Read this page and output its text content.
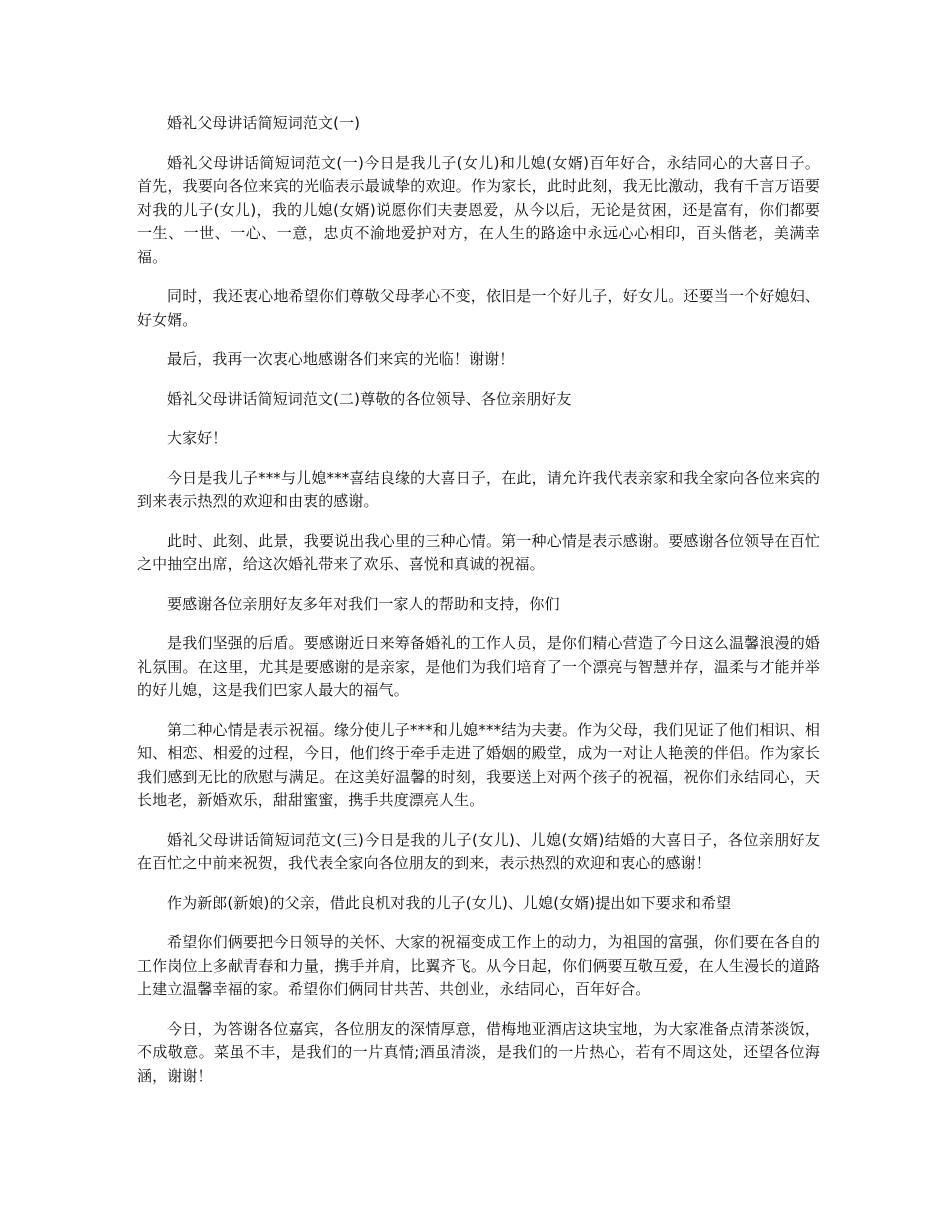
婚礼父母讲话简短词范文(一)

婚礼父母讲话简短词范文(一)今日是我儿子(女儿)和儿媳(女婿)百年好合，永结同心的大喜日子。首先，我要向各位来宾的光临表示最诚挚的欢迎。作为家长，此时此刻，我无比激动，我有千言万语要对我的儿子(女儿)，我的儿媳(女婿)说愿你们夫妻恩爱，从今以后，无论是贫困，还是富有，你们都要一生、一世、一心、一意，忠贞不渝地爱护对方，在人生的路途中永远心心相印，百头偕老，美满幸福。

同时，我还衷心地希望你们尊敬父母孝心不变，依旧是一个好儿子，好女儿。还要当一个好媳妇、好女婿。

最后，我再一次衷心地感谢各们来宾的光临！谢谢！

婚礼父母讲话简短词范文(二)尊敬的各位领导、各位亲朋好友

大家好！

今日是我儿子***与儿媳***喜结良缘的大喜日子，在此，请允许我代表亲家和我全家向各位来宾的到来表示热烈的欢迎和由衷的感谢。

此时、此刻、此景，我要说出我心里的三种心情。第一种心情是表示感谢。要感谢各位领导在百忙之中抽空出席，给这次婚礼带来了欢乐、喜悦和真诚的祝福。

要感谢各位亲朋好友多年对我们一家人的帮助和支持，你们

是我们坚强的后盾。要感谢近日来筹备婚礼的工作人员，是你们精心营造了今日这么温馨浪漫的婚礼氛围。在这里，尤其是要感谢的是亲家，是他们为我们培育了一个漂亮与智慧并存，温柔与才能并举的好儿媳，这是我们巴家人最大的福气。

第二种心情是表示祝福。缘分使儿子***和儿媳***结为夫妻。作为父母，我们见证了他们相识、相知、相恋、相爱的过程，今日，他们终于牵手走进了婚姻的殿堂，成为一对让人艳羡的伴侣。作为家长我们感到无比的欣慰与满足。在这美好温馨的时刻，我要送上对两个孩子的祝福，祝你们永结同心，天长地老，新婚欢乐，甜甜蜜蜜，携手共度漂亮人生。

婚礼父母讲话简短词范文(三)今日是我的儿子(女儿)、儿媳(女婿)结婚的大喜日子，各位亲朋好友在百忙之中前来祝贺，我代表全家向各位朋友的到来，表示热烈的欢迎和衷心的感谢！

作为新郎(新娘)的父亲，借此良机对我的儿子(女儿)、儿媳(女婿)提出如下要求和希望

希望你们俩要把今日领导的关怀、大家的祝福变成工作上的动力，为祖国的富强，你们要在各自的工作岗位上多献青春和力量，携手并肩，比翼齐飞。从今日起，你们俩要互敬互爱，在人生漫长的道路上建立温馨幸福的家。希望你们俩同甘共苦、共创业，永结同心，百年好合。

今日，为答谢各位嘉宾，各位朋友的深情厚意，借梅地亚酒店这块宝地，为大家准备点清茶淡饭，不成敬意。菜虽不丰，是我们的一片真情;酒虽清淡，是我们的一片热心，若有不周这处，还望各位海涵，谢谢！
